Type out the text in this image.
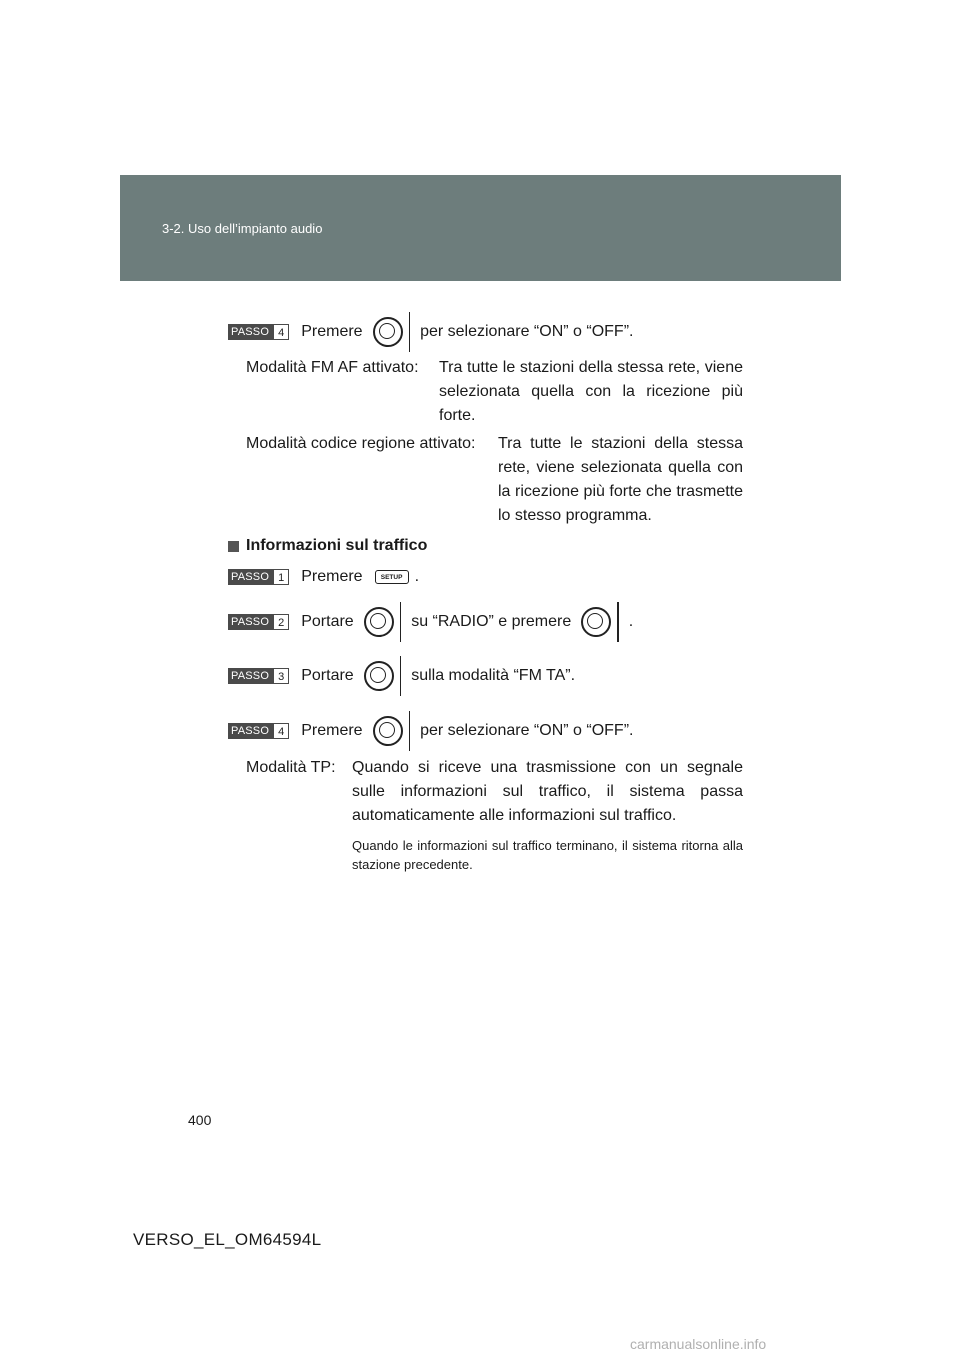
3-2. Uso dell’impianto audio
PASSO 4	Premere	per selezionare “ON” o “OFF”.
Modalità FM AF attivato: Tra tutte le stazioni della stessa rete, viene selezionata quella con la ricezione più forte.
Modalità codice regione attivato: Tra tutte le stazioni della stessa rete, viene selezionata quella con la ricezione più forte che trasmette lo stesso programma.
Informazioni sul traffico
PASSO 1	Premere	SETUP .
PASSO 2	Portare	su “RADIO” e premere	.
PASSO 3	Portare	sulla modalità “FM TA”.
PASSO 4	Premere	per selezionare “ON” o “OFF”.
Modalità TP: Quando si riceve una trasmissione con un segnale sulle informazioni sul traffico, il sistema passa automaticamente alle informazioni sul traffico.
Quando le informazioni sul traffico terminano, il sistema ritorna alla stazione precedente.
400
VERSO_EL_OM64594L
carmanualsonline.info
